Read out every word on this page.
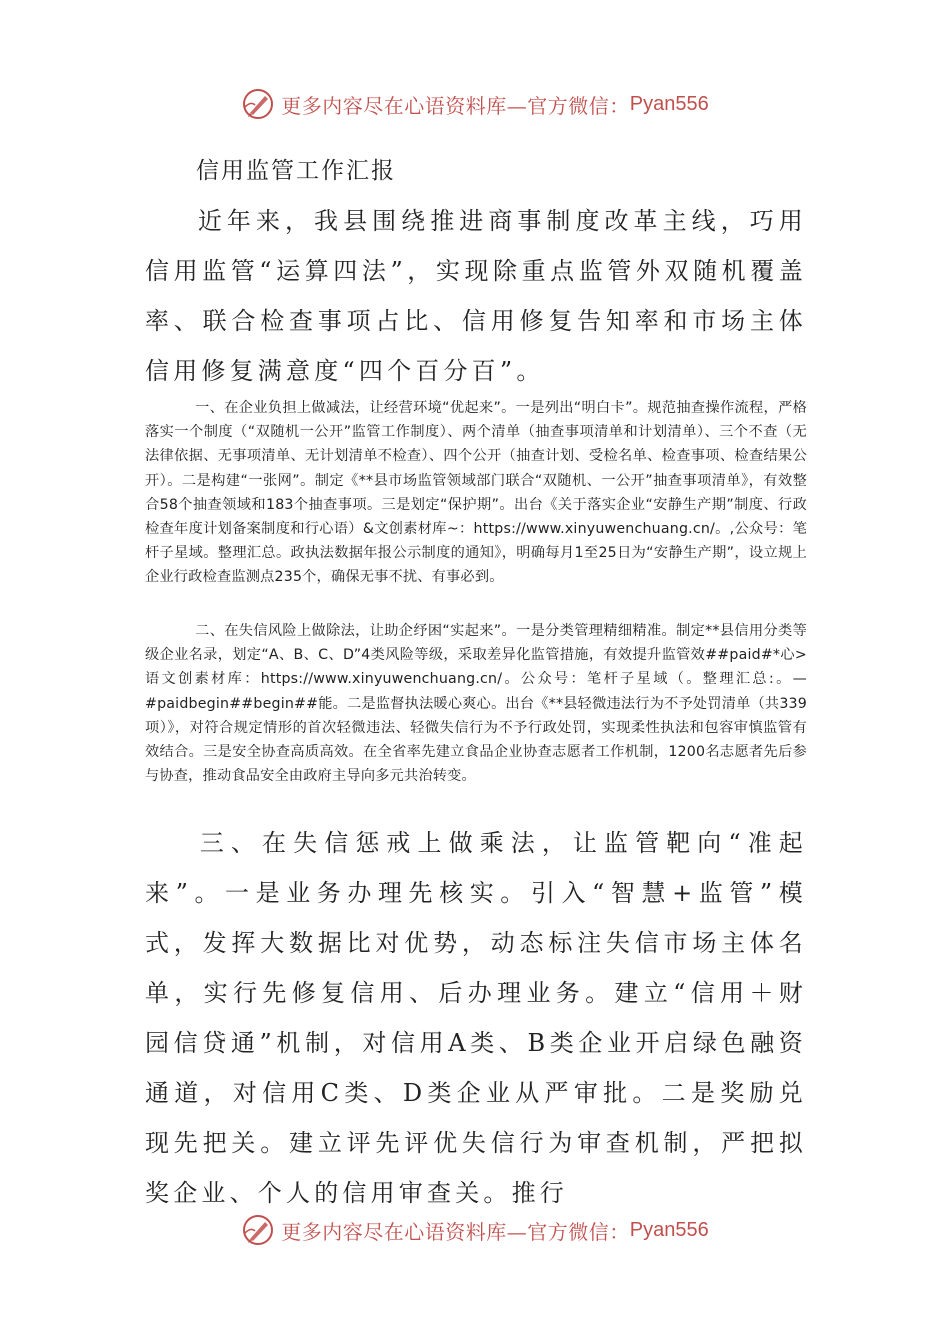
更多内容尽在心语资料库—官方微信： Pyan556
信用监管工作汇报
近年来，我县围绕推进商事制度改革主线，巧用信用监管“运算四法”，实现除重点监管外双随机覆盖率、联合检查事项占比、信用修复告知率和市场主体信用修复满意度“四个百分百”。
一、在企业负担上做减法，让经营环境“优起来”。一是列出“明白卡”。规范抽查操作流程，严格落实一个制度（“双随机一公开”监管工作制度）、两个清单（抽查事项清单和计划清单）、三个不查（无法律依据、无事项清单、无计划清单不检查）、四个公开（抽查计划、受检名单、检查事项、检查结果公开）。二是构建“一张网”。制定《**县市场监管领域部门联合“双随机、一公开”抽查事项清单》，有效整合58个抽查领域和183个抽查事项。三是划定“保护期”。出台《关于落实企业“安静生产期”制度、行政检查年度计划备案制度和行心语）&文创素材库~：https://www.xinyuwenchuang.cn/。,公众号：笔杆子星域。整理汇总。政执法数据年报公示制度的通知》，明确每月1至25日为“安静生产期”，设立规上企业行政检查监测点235个，确保无事不扰、有事必到。
二、在失信风险上做除法，让助企纾困“实起来”。一是分类管理精细精准。制定**县信用分类等级企业名录，划定“A、B、C、D”4类风险等级，采取差异化监管措施，有效提升监管效##paid#*心>语文创素材库：https://www.xinyuwenchuang.cn/。公众号：笔杆子星域（。整理汇总:。—#paidbegin##begin##能。二是监督执法暖心爽心。出台《**县轻微违法行为不予处罚清单（共339项）》，对符合规定情形的首次轻微违法、轻微失信行为不予行政处罚，实现柔性执法和包容审慎监管有效结合。三是安全协查高质高效。在全省率先建立食品企业协查志愿者工作机制，1200名志愿者先后参与协查，推动食品安全由政府主导向多元共治转变。
三、在失信惩戒上做乘法，让监管靶向“准起来”。一是业务办理先核实。引入“智慧+监管”模式，发挥大数据比对优势，动态标注失信市场主体名单，实行先修复信用、后办理业务。建立“信用＋财园信贷通”机制，对信用A类、B类企业开启绿色融资通道，对信用C类、D类企业从严审批。二是奖励兑现先把关。建立评先评优失信行为审查机制，严把拟奖企业、个人的信用审查关。推行
更多内容尽在心语资料库—官方微信： Pyan556
